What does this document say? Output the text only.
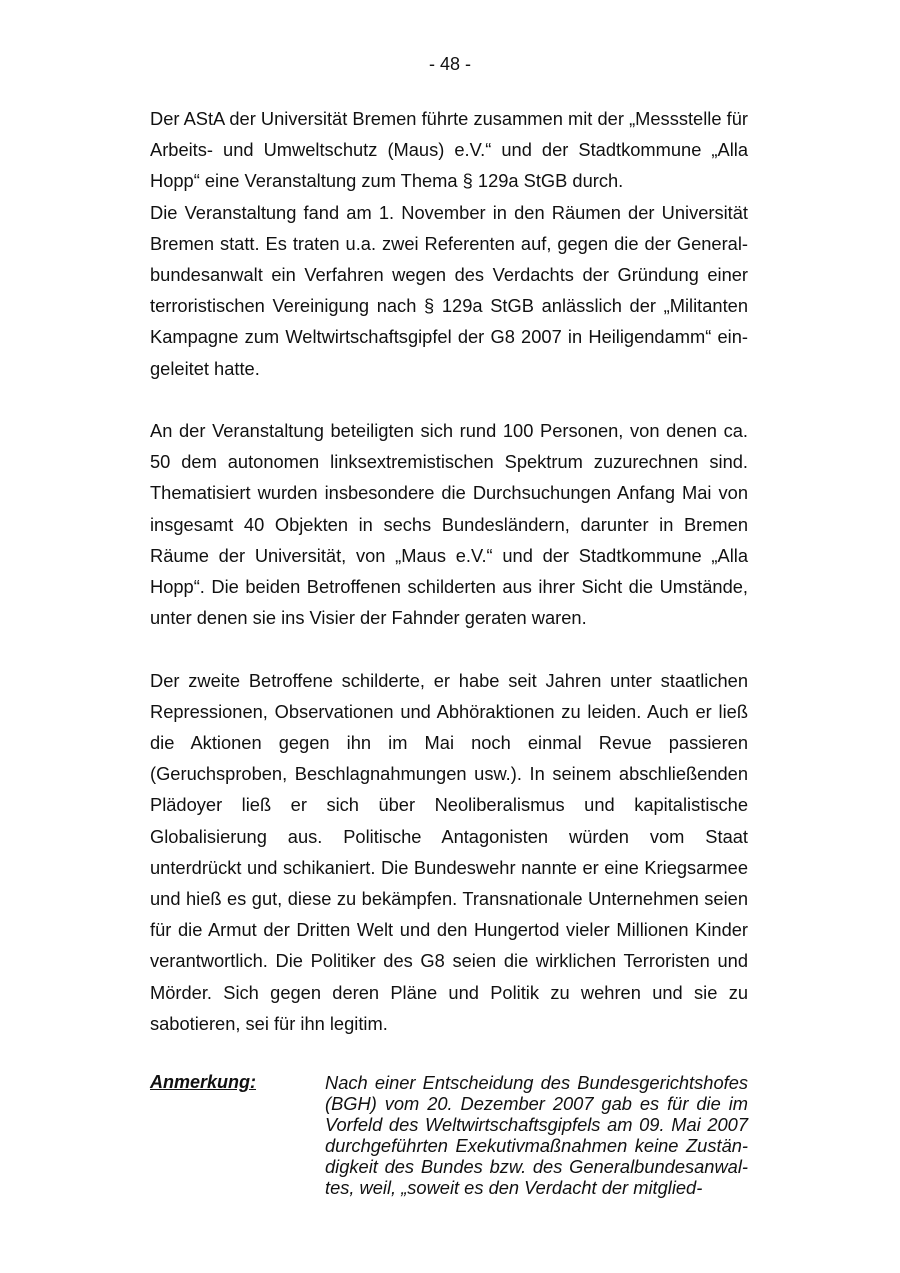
- 48 -

Der AStA der Universität Bremen führte zusammen mit der „Messstelle für Arbeits- und Umweltschutz (Maus) e.V.“ und der Stadtkommune „Alla Hopp“ eine Veranstaltung zum Thema § 129a StGB durch.

Die Veranstaltung fand am 1. November in den Räumen der Universität Bremen statt. Es traten u.a. zwei Referenten auf, gegen die der Generalbundesanwalt ein Verfahren wegen des Verdachts der Gründung einer terroristischen Vereinigung nach § 129a StGB anlässlich der „Militanten Kampagne zum Weltwirtschaftsgipfel der G8 2007 in Heiligendamm“ eingeleitet hatte.

An der Veranstaltung beteiligten sich rund 100 Personen, von denen ca. 50 dem autonomen linksextremistischen Spektrum zuzurechnen sind. Thematisiert wurden insbesondere die Durchsuchungen Anfang Mai von insgesamt 40 Objekten in sechs Bundesländern, darunter in Bremen Räume der Universität, von „Maus e.V.“ und der Stadtkommune „Alla Hopp“. Die beiden Betroffenen schilderten aus ihrer Sicht die Umstände, unter denen sie ins Visier der Fahnder geraten waren.

Der zweite Betroffene schilderte, er habe seit Jahren unter staatlichen Repressionen, Observationen und Abhöraktionen zu leiden. Auch er ließ die Aktionen gegen ihn im Mai noch einmal Revue passieren (Geruchsproben, Beschlagnahmungen usw.). In seinem abschließenden Plädoyer ließ er sich über Neoliberalismus und kapitalistische Globalisierung aus. Politische Antagonisten würden vom Staat unterdrückt und schikaniert. Die Bundeswehr nannte er eine Kriegsarmee und hieß es gut, diese zu bekämpfen. Transnationale Unternehmen seien für die Armut der Dritten Welt und den Hungertod vieler Millionen Kinder verantwortlich. Die Politiker des G8 seien die wirklichen Terroristen und Mörder. Sich gegen deren Pläne und Politik zu wehren und sie zu sabotieren, sei für ihn legitim.

Anmerkung:	Nach einer Entscheidung des Bundesgerichtshofes (BGH) vom 20. Dezember 2007 gab es für die im Vorfeld des Weltwirtschaftsgipfels am 09. Mai 2007 durchgeführten Exekutivmaßnahmen keine Zuständigkeit des Bundes bzw. des Generalbundesanwaltes, weil, „soweit es den Verdacht der mitglied-
